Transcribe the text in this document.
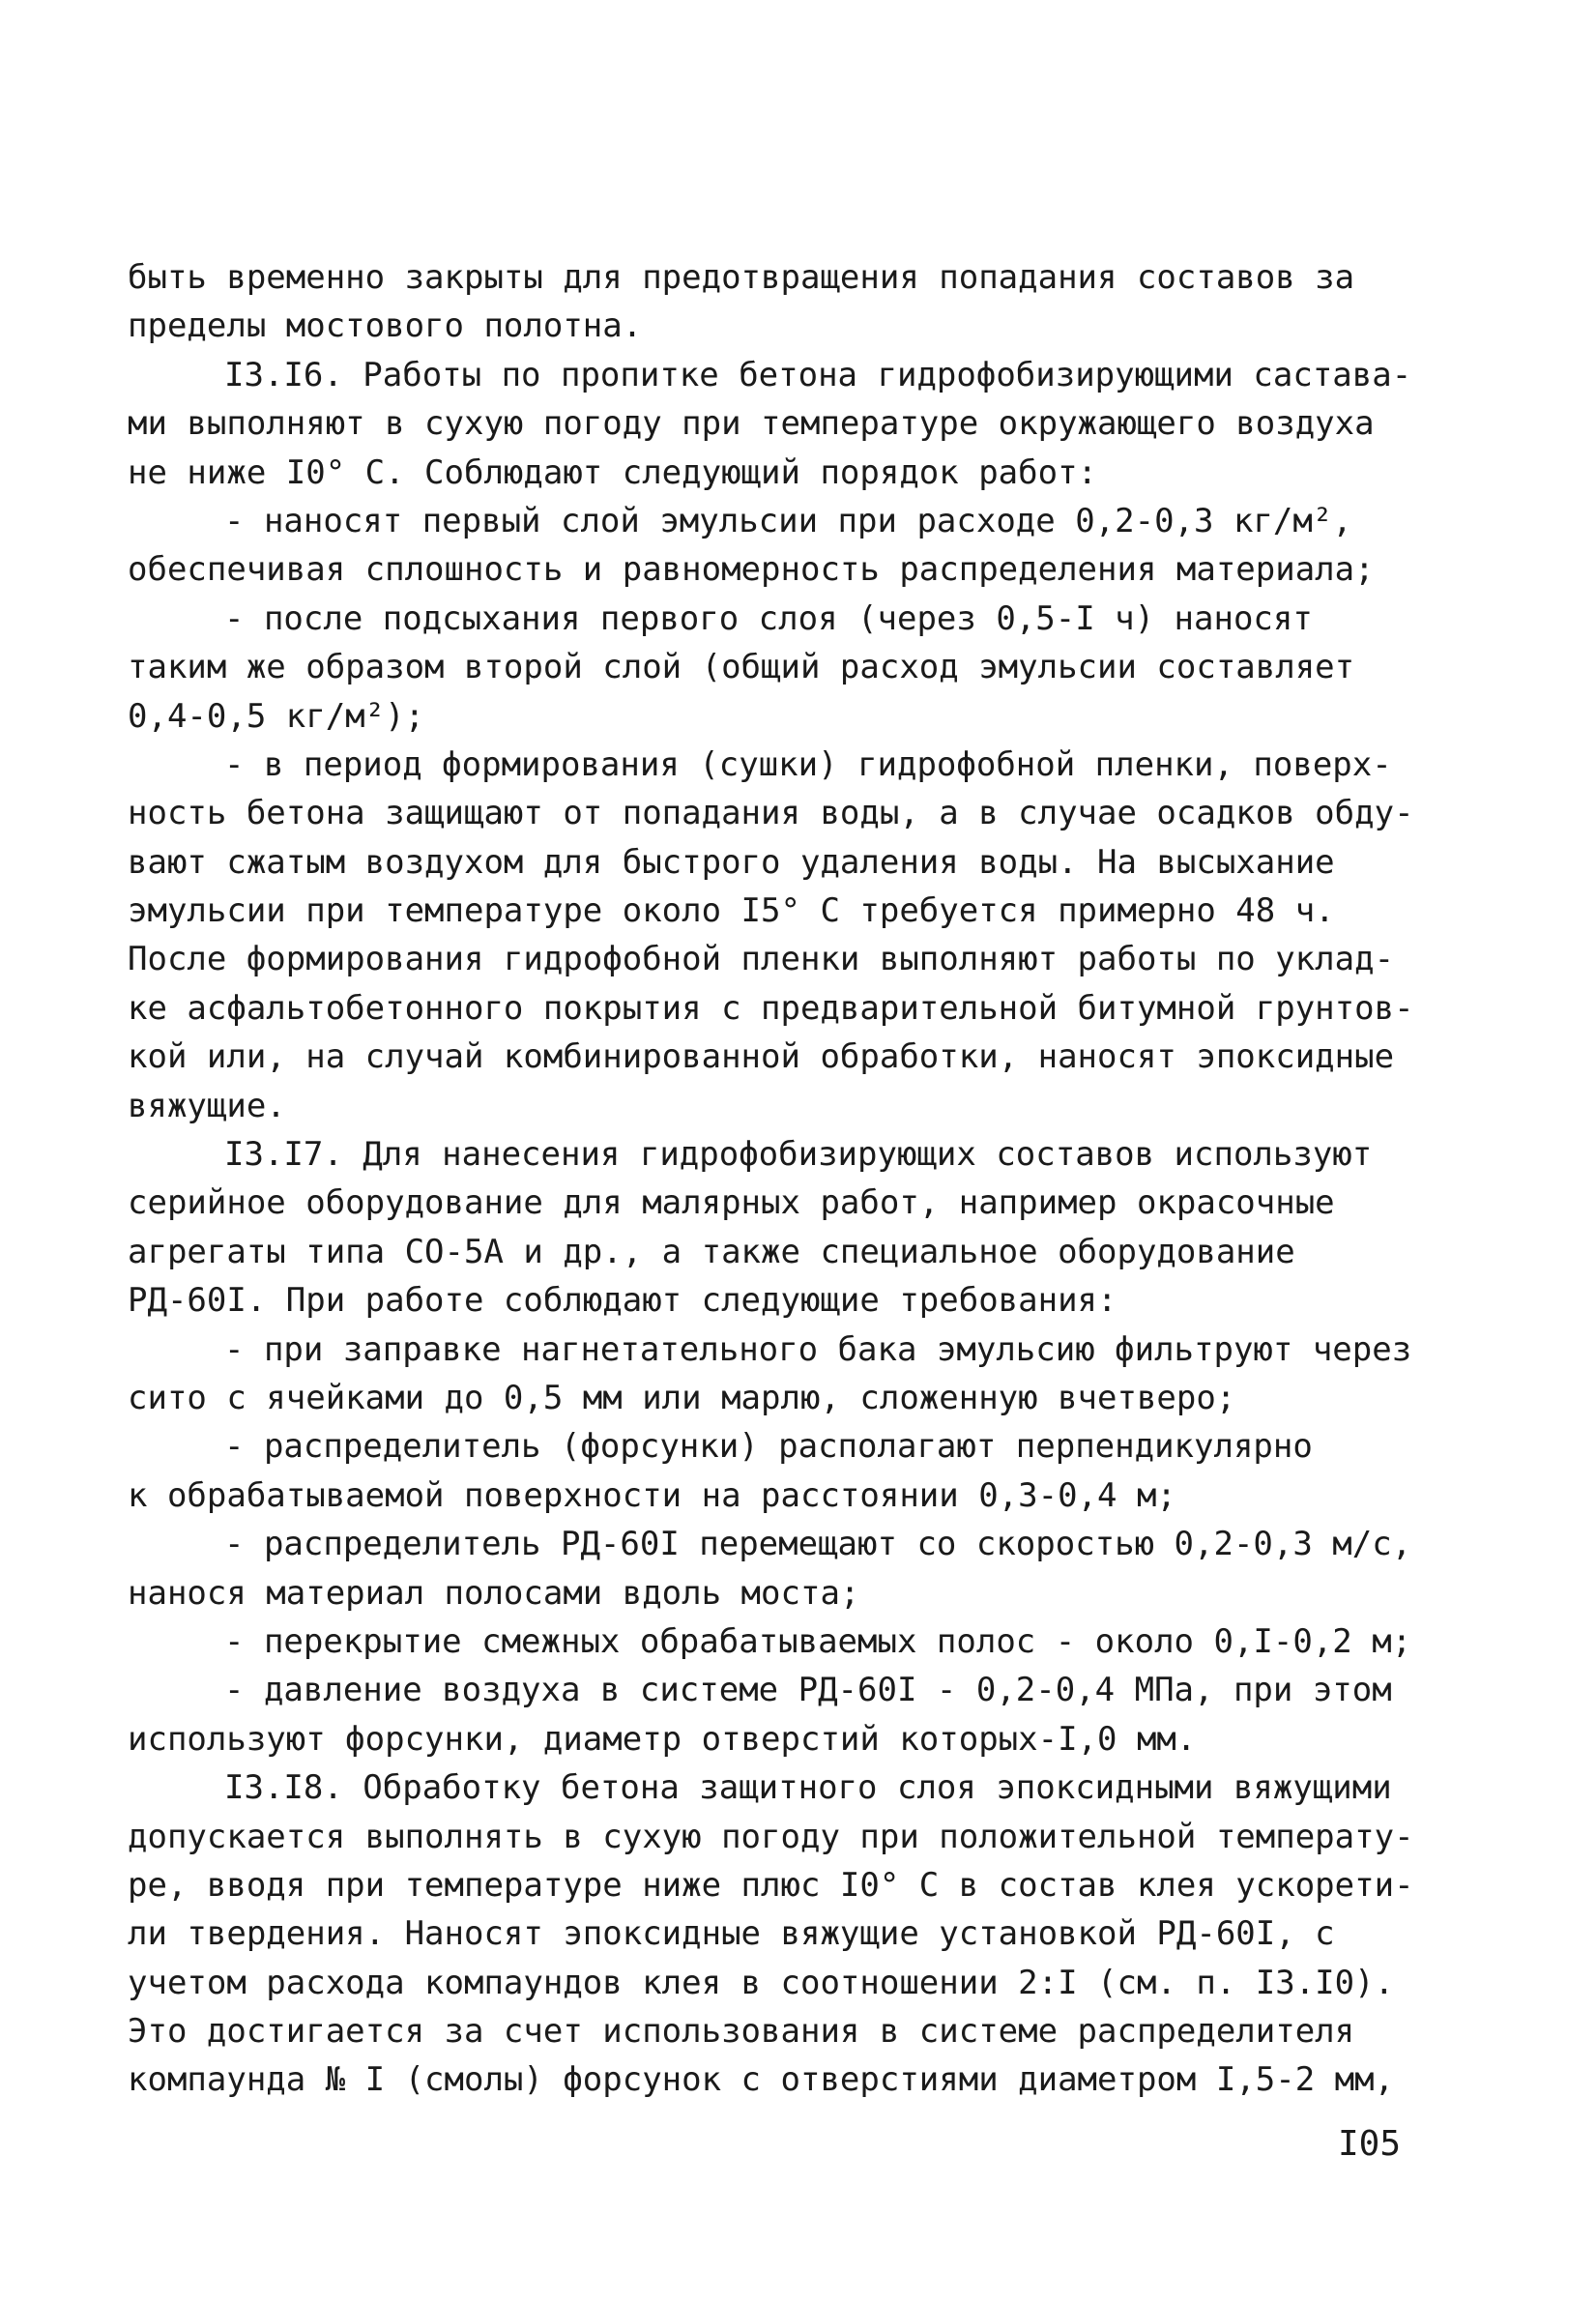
быть временно закрыты для предотвращения попадания составов за
пределы мостового полотна.
I3.I6. Работы по пропитке бетона гидрофобизирующими састава-
ми выполняют в сухую погоду при температуре окружающего воздуха
не ниже I0° С. Соблюдают следующий порядок работ:
- наносят первый слой эмульсии при расходе 0,2-0,3 кг/м²,
обеспечивая сплошность и равномерность распределения материала;
- после подсыхания первого слоя (через 0,5-I ч) наносят
таким же образом второй слой (общий расход эмульсии составляет
0,4-0,5 кг/м²);
- в период формирования (сушки) гидрофобной пленки, поверх-
ность бетона защищают от попадания воды, а в случае осадков обду-
вают сжатым воздухом для быстрого удаления воды. На высыхание
эмульсии при температуре около I5° С требуется примерно 48 ч.
После формирования гидрофобной пленки выполняют работы по уклад-
ке асфальтобетонного покрытия с предварительной битумной грунтов-
кой или, на случай комбинированной обработки, наносят эпоксидные
вяжущие.
I3.I7. Для нанесения гидрофобизирующих составов используют
серийное оборудование для малярных работ, например окрасочные
агрегаты типа СО-5А и др., а также специальное оборудование
РД-60I. При работе соблюдают следующие требования:
- при заправке нагнетательного бака эмульсию фильтруют через
сито с ячейками до 0,5 мм или марлю, сложенную вчетверо;
- распределитель (форсунки) располагают перпендикулярно
к обрабатываемой поверхности на расстоянии 0,3-0,4 м;
- распределитель РД-60I перемещают со скоростью 0,2-0,3 м/с,
нанося материал полосами вдоль моста;
- перекрытие смежных обрабатываемых полос - около 0,I-0,2 м;
- давление воздуха в системе РД-60I - 0,2-0,4 МПа, при этом
используют форсунки, диаметр отверстий которых-I,0 мм.
I3.I8. Обработку бетона защитного слоя эпоксидными вяжущими
допускается выполнять в сухую погоду при положительной температу-
ре, вводя при температуре ниже плюс I0° С в состав клея ускорети-
ли твердения. Наносят эпоксидные вяжущие установкой РД-60I, с
учетом расхода компаундов клея в соотношении 2:I (см. п. I3.I0).
Это достигается за счет использования в системе распределителя
компаунда № I (смолы) форсунок с отверстиями диаметром I,5-2 мм,
I05
